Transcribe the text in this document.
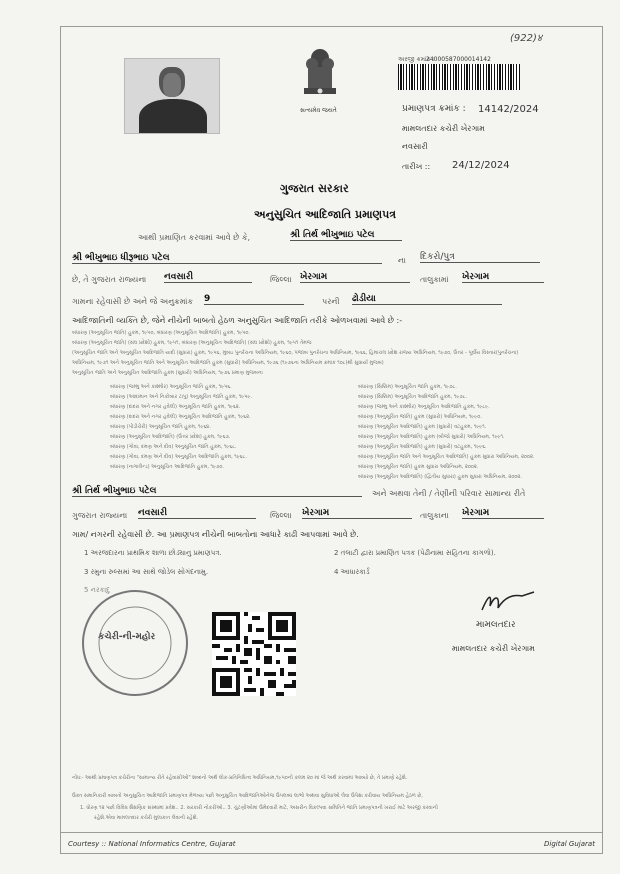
(922)४
સત્યમેવ જયતે
અરજી ક્રમાંક :
24000587000014142
પ્રમાણપત્ર ક્રમાંક : 14142/2024
મામલતદાર કચેરી ખેરગામ
નવસારી
તારીખ :: 24/12/2024
ગુજરાત સરકાર
અનુસુચિત આદિજાતિ પ્રમાણપત્ર
આથી પ્રમાણિત કરવામાં આવે છે કે,	શ્રી તિર્થ ભીખુભાઇ પટેલ
શ્રી ભીખુભાઇ ધીરૂભાઇ પટેલ	ના દિકરો/પુત્ર
છે, તે ગુજરાત રાજ્યના નવસારી	જિલ્લા ખેરગામ	તાલુકામાં ખેરગામ
ગામના રહેવાસી છે અને જે અનુક્રમાંક 9	પરની ઢોડીયા
આદિજાતિની વ્યક્તિ છે, જેને નીચેની બાબતો હેઠળ અનુસુચિત આદિજાતિ તરીકે ઓળખવામાં આવે છે :-
બંધારણ (અનુસૂચિત જાતિ) હુકમ, ૧૯૫૦, બંધારણ (અનુસૂચિત આદિજાતિ) હુકમ, ૧૯૫૦.
બંધારણ (અનુસૂચિત જાતિ) (સંઘ પ્રદેશો) હુકમ, ૧૯૫૧, બંધારણ (અનુસૂચિત આદિજાતિ) (સંઘ પ્રદેશો) હુકમ, ૧૯૫૧ તેમજ
(અનુસૂચિત જાતિ અને અનુસૂચિત આદિજાતિ યાદી (સુધારા) હુકમ, ૧૯૫૬, મુંબઇ પુનર્રચના અધિનિયમ, ૧૯૬૦, પંજાબ પુનર્રચના અધિનિયમ, ૧૯૬૬, હિમાચલ પ્રદેશ રાજ્ય અધિનિયમ, ૧૯૭૦, ઉત્તર - પૂર્વીય વિસ્તાર(પુનર્રચના)
અધિનિયમ, ૧૯૭૧ અને અનુસૂચિત જાતિ અને અનુસૂચિત આદિજાતિ હુકમ (સુધારો) અધિનિયમ, ૧૯૭૬ (૧૯૭૬ના અધિનિયમ ક્રમાંક ૧૦૮)થી સુધાર્યા મુજબ)
અનુસૂચિત જાતિ અને અનુસૂચિત આદિજાતિ હુકમ (સુધારો) અધિનિયમ, ૧૯૭૬ પ્રમાણ મુજબના
બંધારણ (જમ્મુ અને કાશ્મીર) અનુસૂચિત જાતિ હુકમ, ૧૯૫૬.
બંધારણ (આંદામાન અને નિકોબાર ટાપુ) અનુસૂચિત જાતિ હુકમ, ૧૯૫૯.
બંધારણ (દાદરા અને નગર હવેલી) અનુસૂચિત જાતિ હુકમ, ૧૯૬૨.
બંધારણ (દાદરા અને નગર હવેલી) અનુસૂચિત આદિજાતિ હુકમ, ૧૯૬૨.
બંધારણ (પોંડીચેરી) અનુસૂચિત જાતિ હુકમ, ૧૯૬૪.
બંધારણ (અનુસૂચિત આદિજાતિ) (ઉત્તર પ્રદેશ) હુકમ, ૧૯૬૭.
બંધારણ (ગોવા, દમણ અને દીવ) અનુસૂચિત જાતિ હુકમ, ૧૯૬૮.
બંધારણ (ગોવા, દમણ અને દીવ) અનુસૂચિત આદિજાતિ હુકમ, ૧૯૬૮.
બંધારણ (નાગાલેન્ડ) અનુસૂચિત આદિજાતિ હુકમ, ૧૯૭૦.
બંધારણ (સિક્કિમ) અનુસૂચિત જાતિ હુકમ, ૧૯૭૮.
બંધારણ (સિક્કિમ) અનુસૂચિત આદિજાતિ હુકમ, ૧૯૭૮.
બંધારણ (જમ્મુ અને કાશ્મીર) અનુસૂચિત આદિજાતિ હુકમ, ૧૯૮૯.
બંધારણ (અનુસૂચિત જાતિ) હુકમ (સુધારો) અધિનિયમ, ૧૯૯૦.
બંધારણ (અનુસૂચિત આદિજાતિ) હુકમ (સુધારો) વટહુકમ, ૧૯૯૧.
બંધારણ (અનુસૂચિત આદિજાતિ) હુકમ (બીજો સુધારો) અધિનિયમ, ૧૯૯૧.
બંધારણ (અનુસૂચિત આદિજાતિ) હુકમ (સુધારો) વટહુકમ, ૧૯૯૬.
બંધારણ (અનુસૂચિત જાતિ અને અનુસૂચિત આદિજાતિ) હુકમ સુધારા અધિનિયમ, ૨૦૦૨.
બંધારણ (અનુસૂચિત જાતિ) હુકમ સુધારા અધિનિયમ, ૨૦૦૨.
બંધારણ (અનુસૂચિત આદિજાતિ) (દ્વિતીય સુધારા) હુકમ સુધારા અધિનિયમ, ૨૦૦૨.
શ્રી તિર્થ ભીખુભાઇ પટેલ	અને અથવા તેની / તેણીની પરિવાર સામાન્ય રીતે
ગુજરાત રાજ્યના નવસારી	જિલ્લા ખેરગામ	તાલુકાના ખેરગામ
ગામ/ નગરની રહેવાસી છે. આ પ્રમાણપત્ર નીચેની બાબતોના આધારે કાઢી આપવામાં આવે છે.
1 અરજદારના પ્રાથમિક શાળા છોડ્યાનુ પ્રમાણપત્ર.	2 તલાટી દ્વારા પ્રમાણિત પત્રક (પેઢીનામા સહિતના કાગળો).
3 રમુના રુલ્સમાં આ સાથે જોડેલ સોગંદનામુ.	4 આધારકાર્ડ
5 નરકાદુ
કચેરી-ની-મહોર
મામલતદાર
મામલતદાર કચેરી ખેરગામ
નોંધ:- આથી પ્રમાણપત્ર કચેરીના "સામાન્ય રીતે રહેવાસીઓ" શબ્દનો અર્થ લોક-પ્રતિનિધિત્વ અધિનિયમ,૧૯૫૦ની કલમ ૨૦ માં જે અર્થ કરવામાં આવ્યો છે, તે પ્રમાણે રહેશે.
ઉક્ત સમાનિકારી બાબતો અનુસુચિત આદિજાતિ પ્રમાણપત્ર મેળવ્યા પછી અનુસુચિત આદિજાતિઓનેજ ઉપલબ્ધ લાભો અથવા સુવિધાઓ લેવા ઉપેક્ષા કરીવાય અધિનિયમ હેઠળ છે,
1. ધોરણ ૧૨ પછી વિવિધ શૈક્ષણિક સંસ્થામાં પ્રવેશ.. 2. સરકારી નોકરીઓ.. 3. ચુંટણીઓમાં ઉમેદવારી માટે, અસરીન વિકલ્પવા સમિતિને જાતિ પ્રમાણપત્રની ખરાઈ માટે અરજી કરવાની
રહેશે.એવા મામલતદાર કચેરી મુલાકાત લેવાની રહેશે.
Courtesy :: National Informatics Centre, Gujarat	Digital Gujarat
